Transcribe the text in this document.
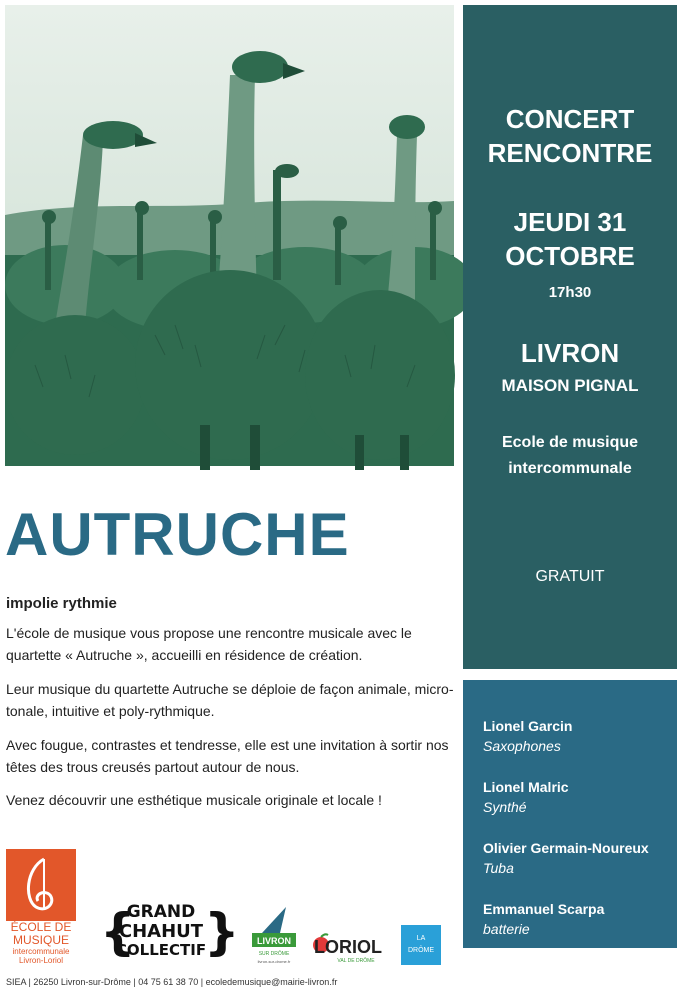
CONCERT
RENCONTRE
JEUDI 31
OCTOBRE
17h30
LIVRON
MAISON PIGNAL
Ecole de musique
intercommunale
GRATUIT
Lionel Garcin
Saxophones
Lionel Malric
Synthé
Olivier Germain-Noureux
Tuba
Emmanuel Scarpa
batterie
AUTRUCHE
impolie rythmie

L'école de musique vous propose une rencontre musicale avec le quartette « Autruche », accueilli en résidence de création.

Leur musique du quartette Autruche se déploie de façon animale, micro-tonale, intuitive et poly-rythmique.

Avec fougue, contrastes et tendresse, elle est une invitation à sortir nos têtes des trous creusés partout autour de nous.

Venez découvrir une esthétique musicale originale et locale !

ÉCOLE DE
MUSIQUE
intercommunale
Livron-Loriol { }
GRAND
CHAHUT
COLLECTIF	LIVRON
SUR DRÔME
livron-sur-drome.fr
LORIOL
VAL DE DRÔME
LA
DRÔME
SIEA | 26250 Livron-sur-Drôme | 04 75 61 38 70 | ecoledemusique@mairie-livron.fr
